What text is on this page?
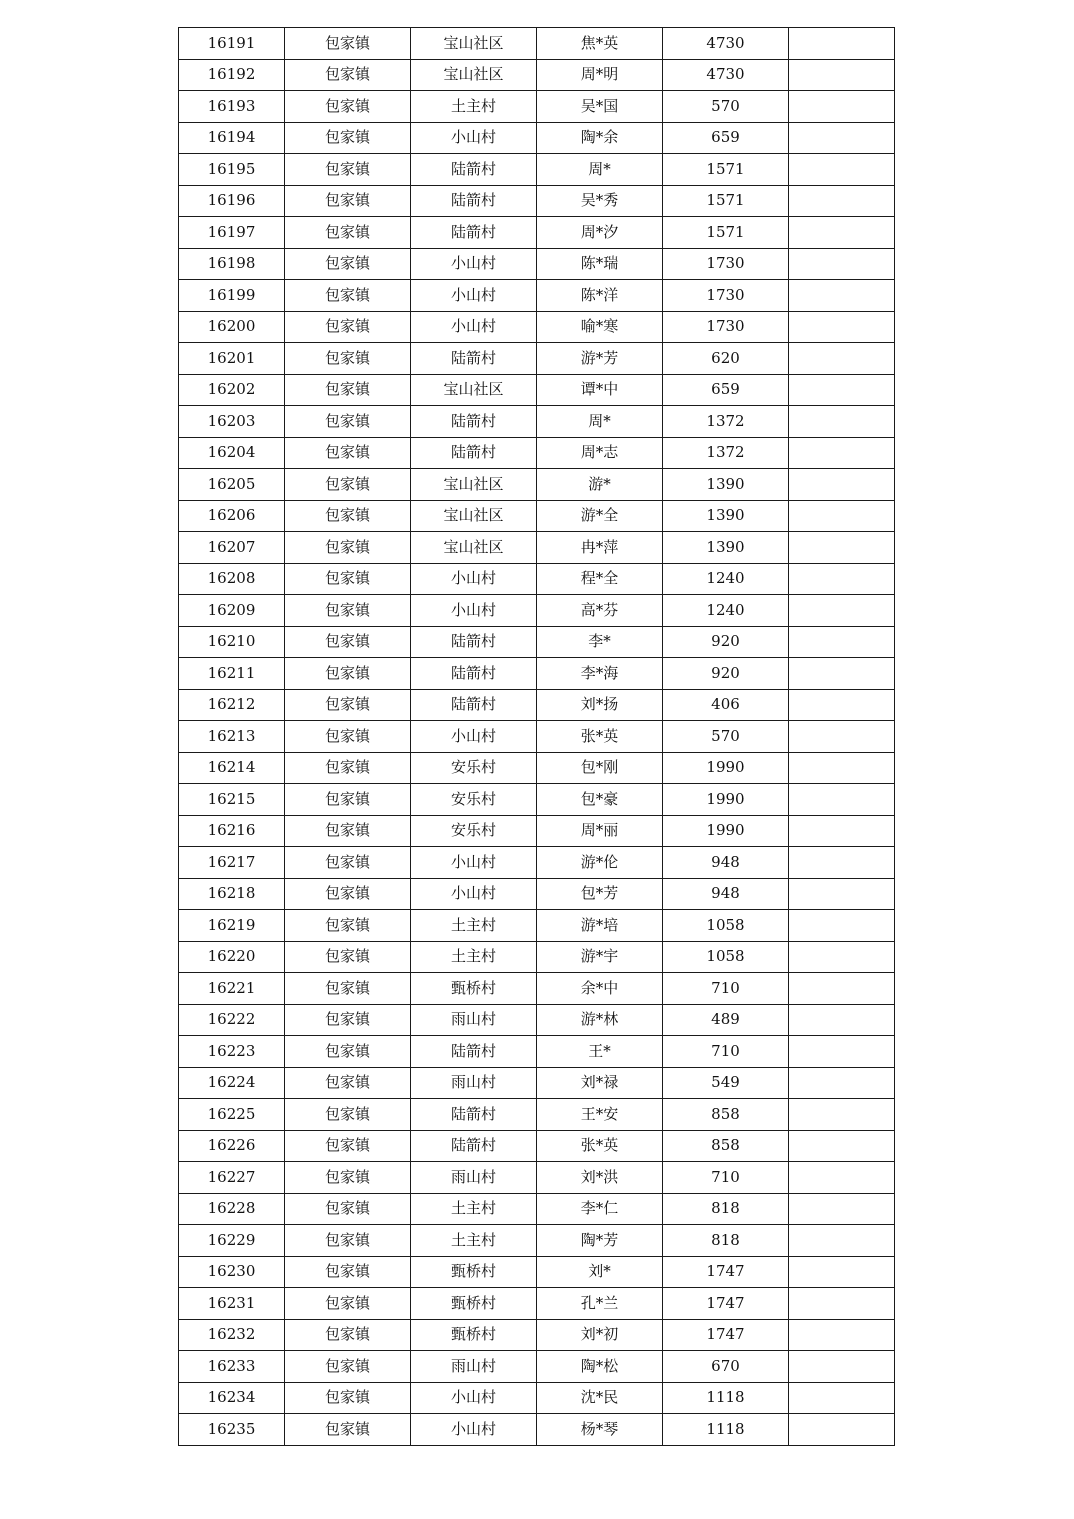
16191	包家镇	宝山社区	焦*英	4730	
16192	包家镇	宝山社区	周*明	4730	
16193	包家镇	土主村	吴*国	570	
16194	包家镇	小山村	陶*余	659	
16195	包家镇	陆箭村	周*	1571	
16196	包家镇	陆箭村	吴*秀	1571	
16197	包家镇	陆箭村	周*汐	1571	
16198	包家镇	小山村	陈*瑞	1730	
16199	包家镇	小山村	陈*洋	1730	
16200	包家镇	小山村	喻*寒	1730	
16201	包家镇	陆箭村	游*芳	620	
16202	包家镇	宝山社区	谭*中	659	
16203	包家镇	陆箭村	周*	1372	
16204	包家镇	陆箭村	周*志	1372	
16205	包家镇	宝山社区	游*	1390	
16206	包家镇	宝山社区	游*全	1390	
16207	包家镇	宝山社区	冉*萍	1390	
16208	包家镇	小山村	程*全	1240	
16209	包家镇	小山村	高*芬	1240	
16210	包家镇	陆箭村	李*	920	
16211	包家镇	陆箭村	李*海	920	
16212	包家镇	陆箭村	刘*扬	406	
16213	包家镇	小山村	张*英	570	
16214	包家镇	安乐村	包*刚	1990	
16215	包家镇	安乐村	包*豪	1990	
16216	包家镇	安乐村	周*丽	1990	
16217	包家镇	小山村	游*伦	948	
16218	包家镇	小山村	包*芳	948	
16219	包家镇	土主村	游*培	1058	
16220	包家镇	土主村	游*宇	1058	
16221	包家镇	甄桥村	余*中	710	
16222	包家镇	雨山村	游*林	489	
16223	包家镇	陆箭村	王*	710	
16224	包家镇	雨山村	刘*禄	549	
16225	包家镇	陆箭村	王*安	858	
16226	包家镇	陆箭村	张*英	858	
16227	包家镇	雨山村	刘*洪	710	
16228	包家镇	土主村	李*仁	818	
16229	包家镇	土主村	陶*芳	818	
16230	包家镇	甄桥村	刘*	1747	
16231	包家镇	甄桥村	孔*兰	1747	
16232	包家镇	甄桥村	刘*初	1747	
16233	包家镇	雨山村	陶*松	670	
16234	包家镇	小山村	沈*民	1118	
16235	包家镇	小山村	杨*琴	1118	
